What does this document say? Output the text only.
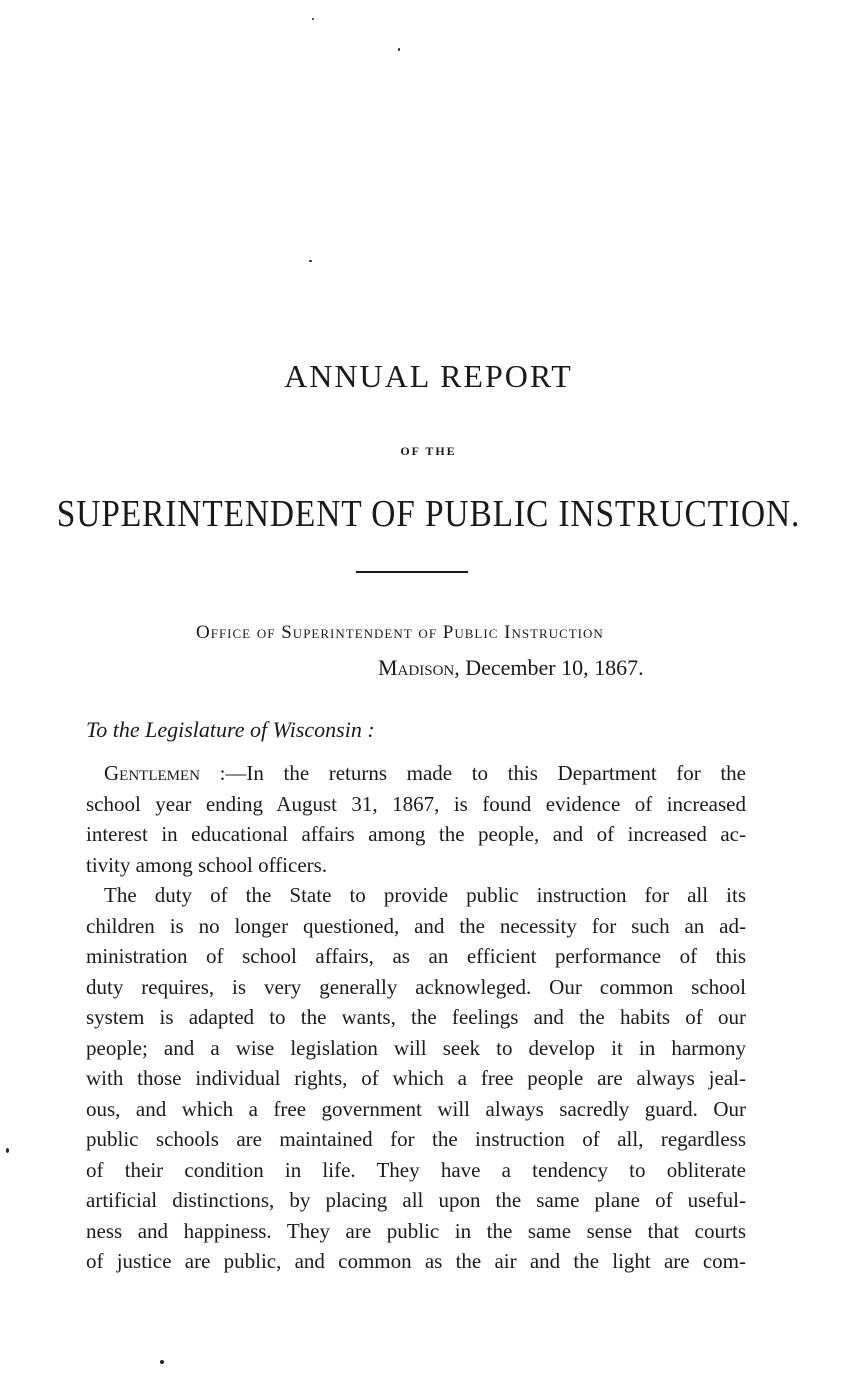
ANNUAL REPORT
OF THE
SUPERINTENDENT OF PUBLIC INSTRUCTION.
Office of Superintendent of Public Instruction
Madison, December 10, 1867.
To the Legislature of Wisconsin :
Gentlemen :—In the returns made to this Department for the
school year ending August 31, 1867, is found evidence of increased
interest in educational affairs among the people, and of increased ac-
tivity among school officers.
The duty of the State to provide public instruction for all its
children is no longer questioned, and the necessity for such an ad-
ministration of school affairs, as an efficient performance of this
duty requires, is very generally acknowleged. Our common school
system is adapted to the wants, the feelings and the habits of our
people; and a wise legislation will seek to develop it in harmony
with those individual rights, of which a free people are always jeal-
ous, and which a free government will always sacredly guard. Our
public schools are maintained for the instruction of all, regardless
of their condition in life. They have a tendency to obliterate
artificial distinctions, by placing all upon the same plane of useful-
ness and happiness. They are public in the same sense that courts
of justice are public, and common as the air and the light are com-
